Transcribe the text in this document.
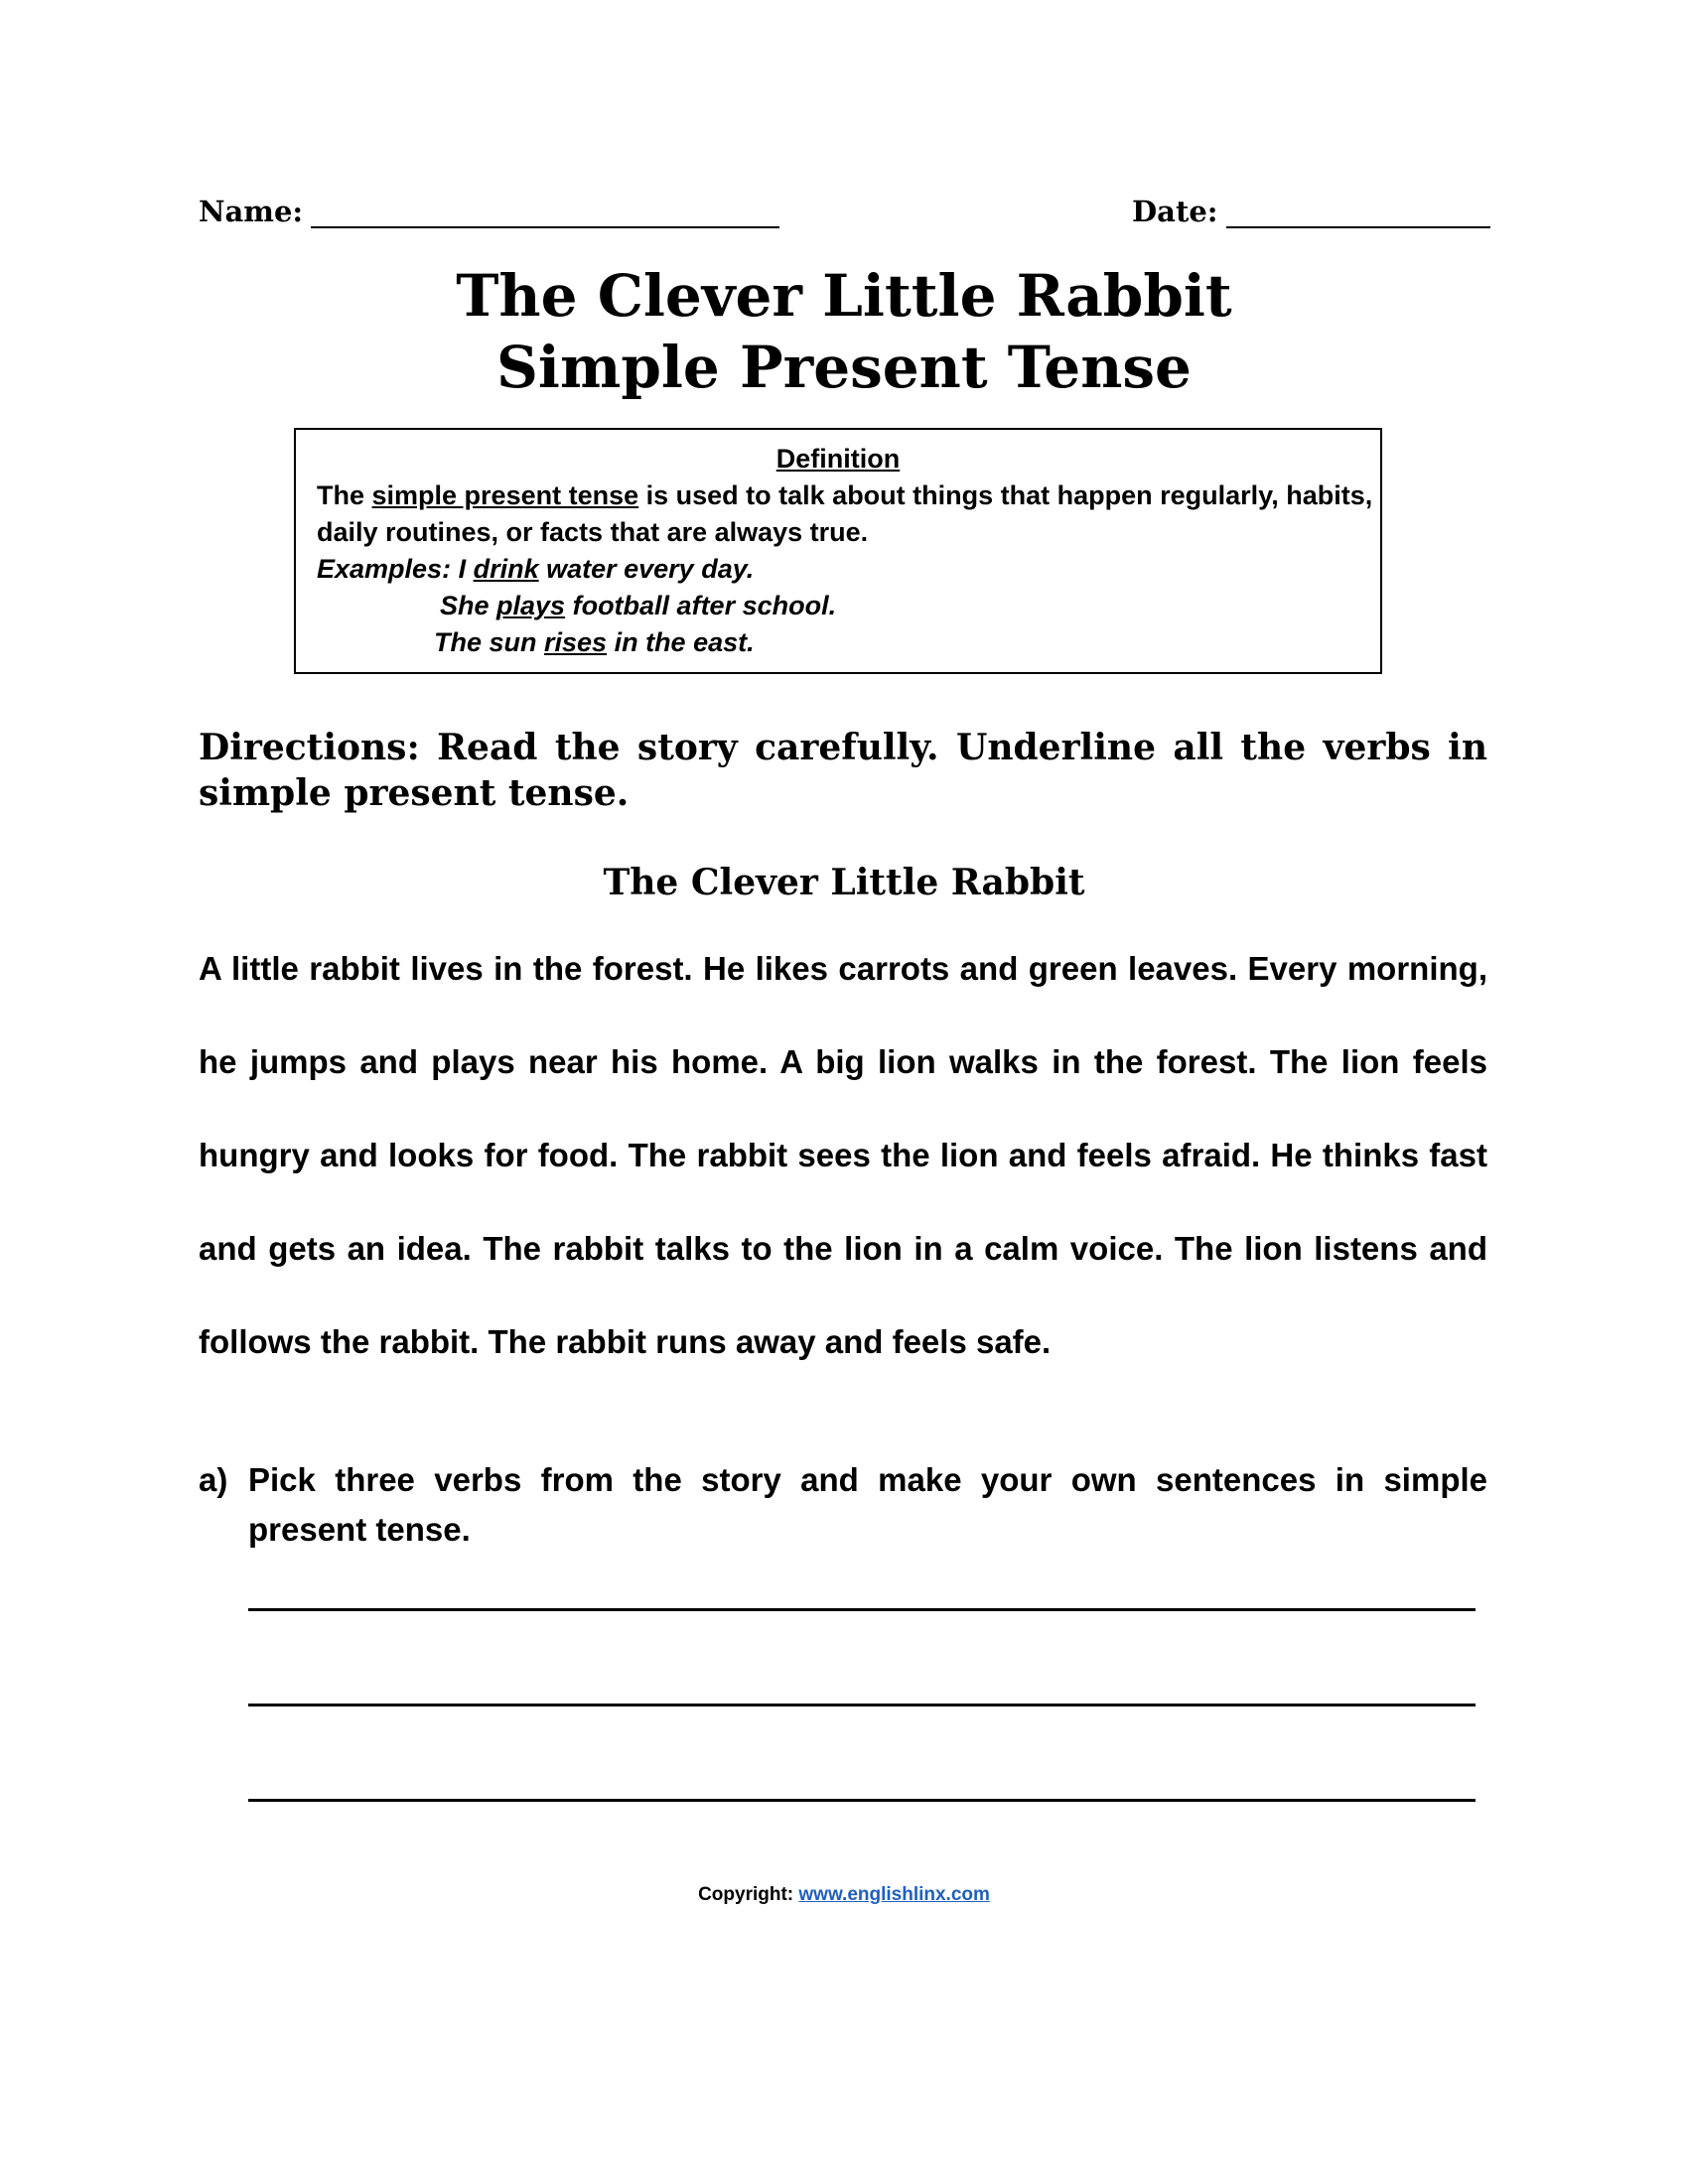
Name:	Date:
The Clever Little Rabbit
Simple Present Tense
Definition
The simple present tense is used to talk about things that happen regularly, habits,
daily routines, or facts that are always true.
Examples: I drink water every day.
She plays football after school.
The sun rises in the east.
Directions: Read the story carefully. Underline all the verbs in simple present tense.
The Clever Little Rabbit
A little rabbit lives in the forest. He likes carrots and green leaves. Every morning,
he jumps and plays near his home. A big lion walks in the forest. The lion feels
hungry and looks for food. The rabbit sees the lion and feels afraid. He thinks fast
and gets an idea. The rabbit talks to the lion in a calm voice. The lion listens and
follows the rabbit. The rabbit runs away and feels safe.
a) Pick three verbs from the story and make your own sentences in simple present tense.
Copyright: www.englishlinx.com
